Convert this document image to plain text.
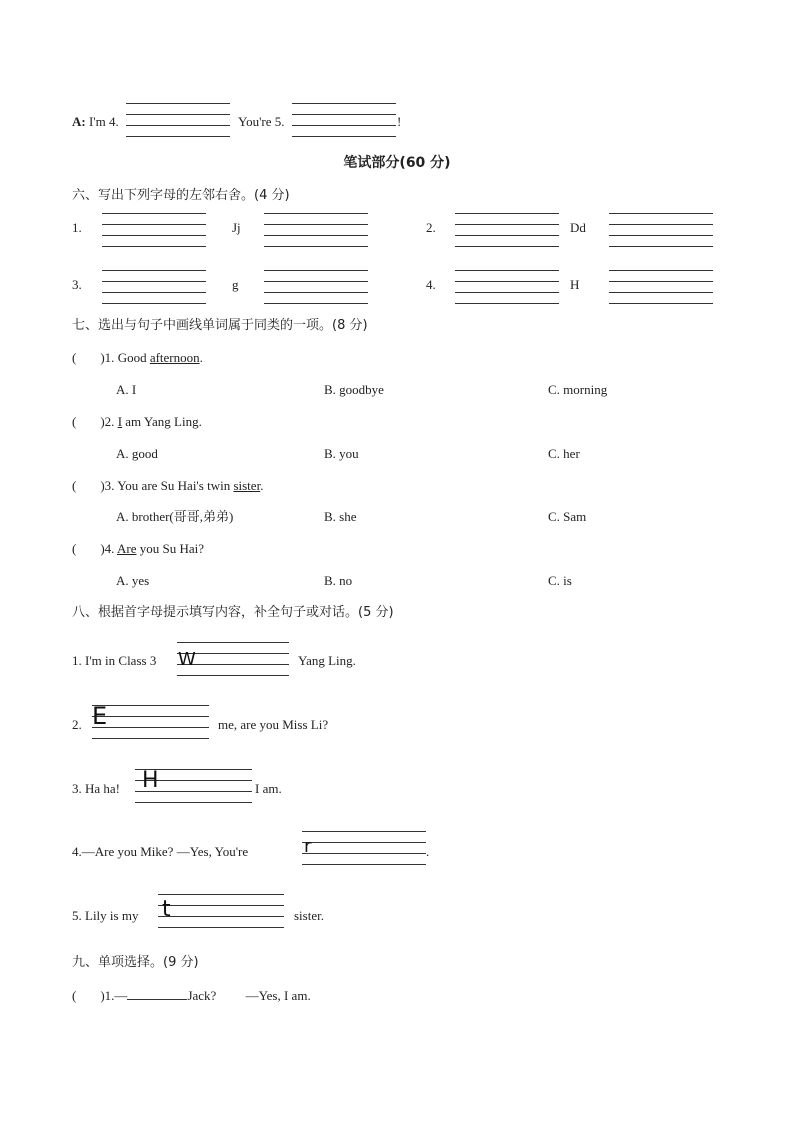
A: I'm 4.	You're 5.	!
笔试部分(60 分)
六、写出下列字母的左邻右舍。(4 分)
1.	Jj	2.	Dd
3.	g	4.	H
七、选出与句子中画线单词属于同类的一项。(8 分)
( )1. Good afternoon.
A. I	B. goodbye	C. morning
( )2. I am Yang Ling.
A. good	B. you	C. her
( )3. You are Su Hai's twin sister.
A. brother(哥哥,弟弟)	B. she	C. Sam
( )4. Are you Su Hai?
A. yes	B. no	C. is
八、根据首字母提示填写内容，补全句子或对话。(5 分)
1. I'm in Class 3 W	Yang Ling.
2. E	me, are you Miss Li?
3. Ha ha! H	I am.
4.—Are you Mike? —Yes, You're	r	.
5. Lily is my t	sister.
九、单项选择。(9 分)
( )1.—	Jack? —Yes, I am.
